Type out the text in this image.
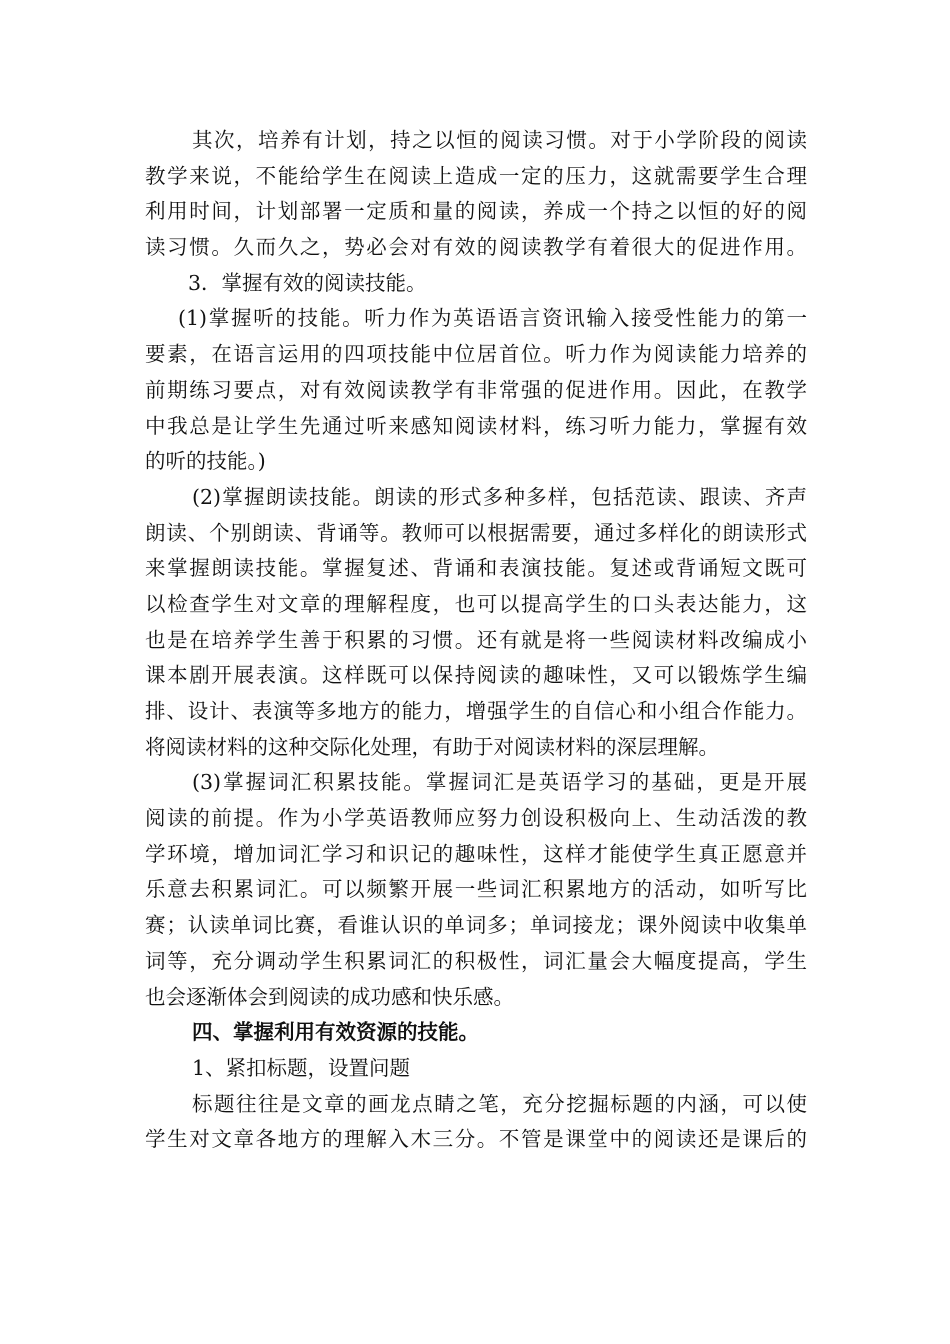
其次，培养有计划，持之以恒的阅读习惯。对于小学阶段的阅读
教学来说，不能给学生在阅读上造成一定的压力，这就需要学生合理
利用时间，计划部署一定质和量的阅读，养成一个持之以恒的好的阅
读习惯。久而久之，势必会对有效的阅读教学有着很大的促进作用。
3．掌握有效的阅读技能。
(1)掌握听的技能。听力作为英语语言资讯输入接受性能力的第一
要素，在语言运用的四项技能中位居首位。听力作为阅读能力培养的
前期练习要点，对有效阅读教学有非常强的促进作用。因此，在教学
中我总是让学生先通过听来感知阅读材料，练习听力能力，掌握有效
的听的技能。)
(2)掌握朗读技能。朗读的形式多种多样，包括范读、跟读、齐声
朗读、个别朗读、背诵等。教师可以根据需要，通过多样化的朗读形式
来掌握朗读技能。掌握复述、背诵和表演技能。复述或背诵短文既可
以检查学生对文章的理解程度，也可以提高学生的口头表达能力，这
也是在培养学生善于积累的习惯。还有就是将一些阅读材料改编成小
课本剧开展表演。这样既可以保持阅读的趣味性，又可以锻炼学生编
排、设计、表演等多地方的能力，增强学生的自信心和小组合作能力。
将阅读材料的这种交际化处理，有助于对阅读材料的深层理解。
(3)掌握词汇积累技能。掌握词汇是英语学习的基础，更是开展
阅读的前提。作为小学英语教师应努力创设积极向上、生动活泼的教
学环境，增加词汇学习和识记的趣味性，这样才能使学生真正愿意并
乐意去积累词汇。可以频繁开展一些词汇积累地方的活动，如听写比
赛；认读单词比赛，看谁认识的单词多；单词接龙；课外阅读中收集单
词等，充分调动学生积累词汇的积极性，词汇量会大幅度提高，学生
也会逐渐体会到阅读的成功感和快乐感。
四、掌握利用有效资源的技能。
1、紧扣标题，设置问题
标题往往是文章的画龙点睛之笔，充分挖掘标题的内涵，可以使
学生对文章各地方的理解入木三分。不管是课堂中的阅读还是课后的
